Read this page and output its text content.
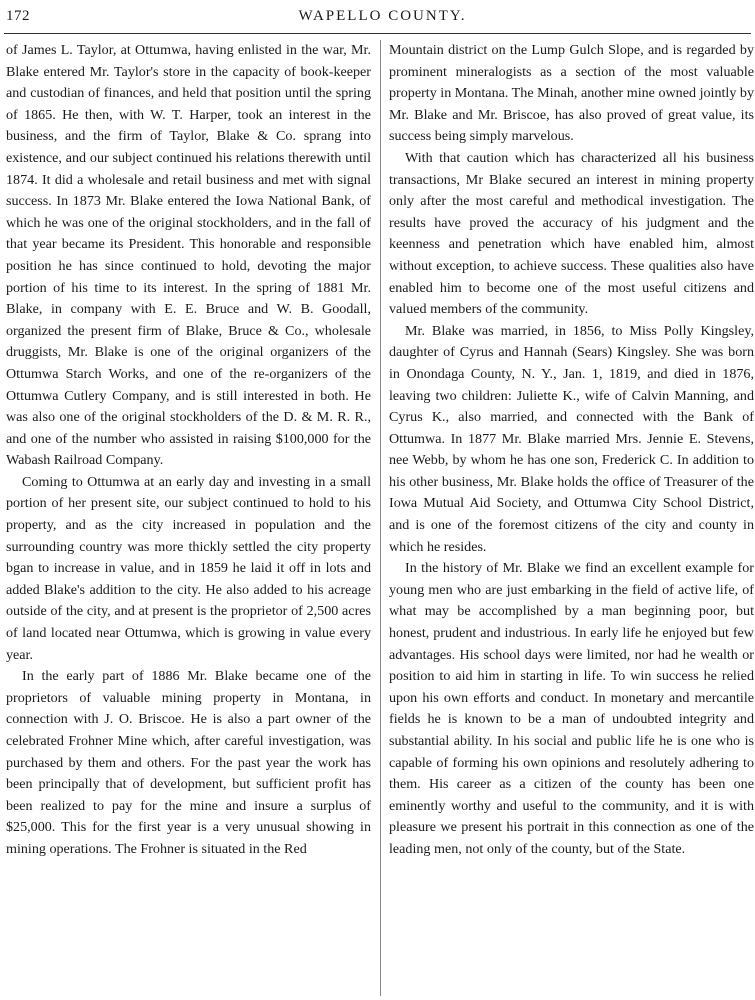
172	WAPELLO COUNTY.

of James L. Taylor, at Ottumwa, having enlisted in the war, Mr. Blake entered Mr. Taylor's store in the capacity of book-keeper and custodian of finances, and held that position until the spring of 1865. He then, with W. T. Harper, took an interest in the business, and the firm of Taylor, Blake & Co. sprang into existence, and our subject continued his relations therewith until 1874. It did a wholesale and retail business and met with signal success. In 1873 Mr. Blake entered the Iowa National Bank, of which he was one of the original stockholders, and in the fall of that year became its President. This honorable and responsible position he has since continued to hold, devoting the major portion of his time to its interest. In the spring of 1881 Mr. Blake, in company with E. E. Bruce and W. B. Goodall, organized the present firm of Blake, Bruce & Co., wholesale druggists, Mr. Blake is one of the original organizers of the Ottumwa Starch Works, and one of the re-organizers of the Ottumwa Cutlery Company, and is still interested in both. He was also one of the original stockholders of the D. & M. R. R., and one of the number who assisted in raising $100,000 for the Wabash Railroad Company.

Coming to Ottumwa at an early day and investing in a small portion of her present site, our subject continued to hold to his property, and as the city increased in population and the surrounding country was more thickly settled the city property bgan to increase in value, and in 1859 he laid it off in lots and added Blake's addition to the city. He also added to his acreage outside of the city, and at present is the proprietor of 2,500 acres of land located near Ottumwa, which is growing in value every year.

In the early part of 1886 Mr. Blake became one of the proprietors of valuable mining property in Montana, in connection with J. O. Briscoe. He is also a part owner of the celebrated Frohner Mine which, after careful investigation, was purchased by them and others. For the past year the work has been principally that of development, but sufficient profit has been realized to pay for the mine and insure a surplus of $25,000. This for the first year is a very unusual showing in mining operations. The Frohner is situated in the Red

Mountain district on the Lump Gulch Slope, and is regarded by prominent mineralogists as a section of the most valuable property in Montana. The Minah, another mine owned jointly by Mr. Blake and Mr. Briscoe, has also proved of great value, its success being simply marvelous.

With that caution which has characterized all his business transactions, Mr Blake secured an interest in mining property only after the most careful and methodical investigation. The results have proved the accuracy of his judgment and the keenness and penetration which have enabled him, almost without exception, to achieve success. These qualities also have enabled him to become one of the most useful citizens and valued members of the community.

Mr. Blake was married, in 1856, to Miss Polly Kingsley, daughter of Cyrus and Hannah (Sears) Kingsley. She was born in Onondaga County, N. Y., Jan. 1, 1819, and died in 1876, leaving two children: Juliette K., wife of Calvin Manning, and Cyrus K., also married, and connected with the Bank of Ottumwa. In 1877 Mr. Blake married Mrs. Jennie E. Stevens, nee Webb, by whom he has one son, Frederick C. In addition to his other business, Mr. Blake holds the office of Treasurer of the Iowa Mutual Aid Society, and Ottumwa City School District, and is one of the foremost citizens of the city and county in which he resides.

In the history of Mr. Blake we find an excellent example for young men who are just embarking in the field of active life, of what may be accomplished by a man beginning poor, but honest, prudent and industrious. In early life he enjoyed but few advantages. His school days were limited, nor had he wealth or position to aid him in starting in life. To win success he relied upon his own efforts and conduct. In monetary and mercantile fields he is known to be a man of undoubted integrity and substantial ability. In his social and public life he is one who is capable of forming his own opinions and resolutely adhering to them. His career as a citizen of the county has been one eminently worthy and useful to the community, and it is with pleasure we present his portrait in this connection as one of the leading men, not only of the county, but of the State.
